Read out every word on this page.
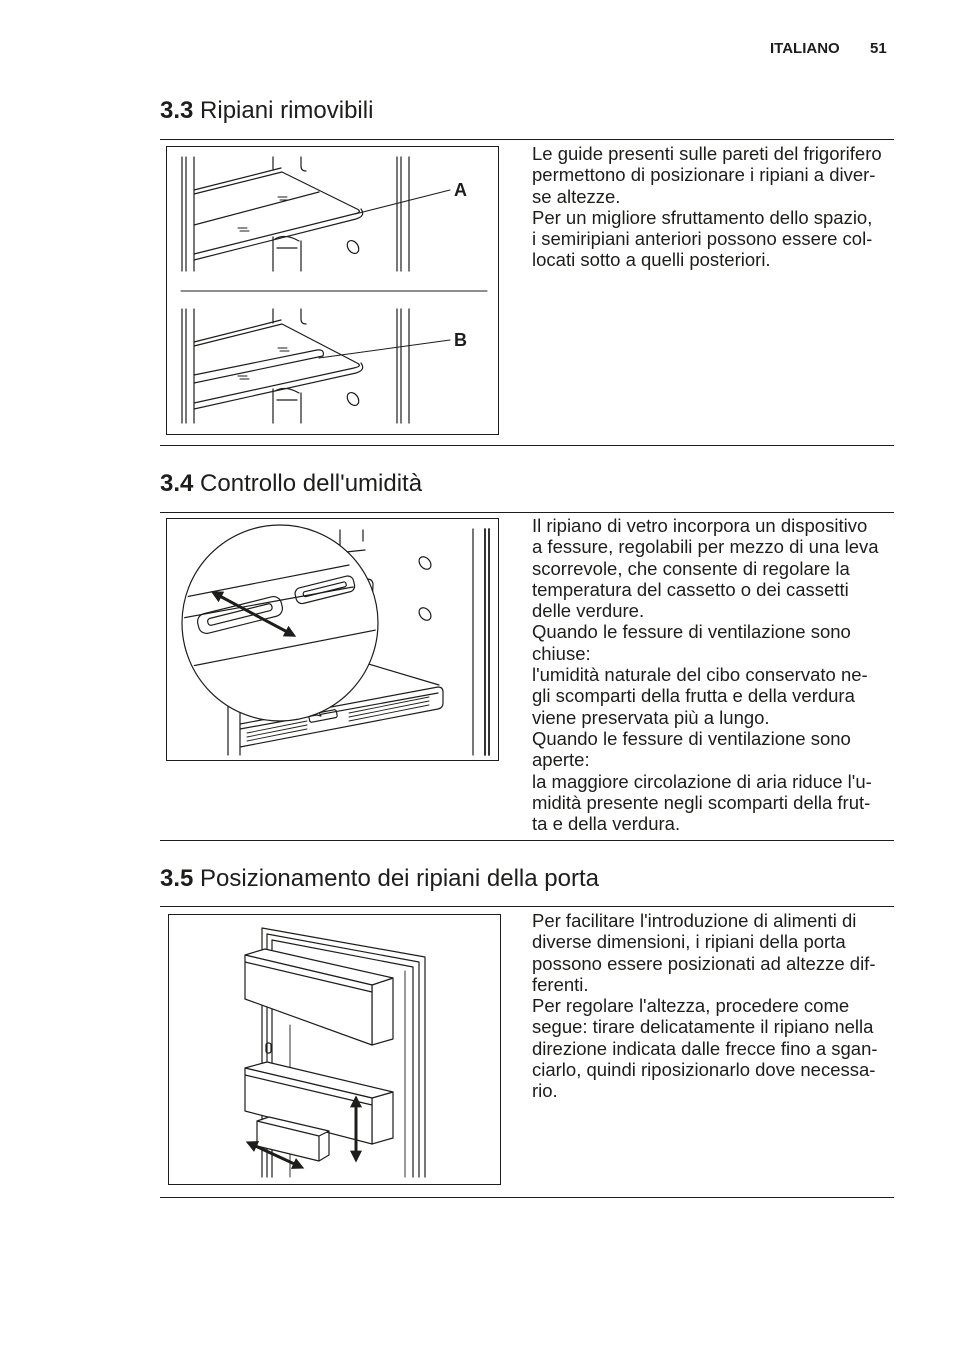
ITALIANO 51
3.3 Ripiani rimovibili
A
B
Le guide presenti sulle pareti del frigorifero
permettono di posizionare i ripiani a diver-
se altezze.
Per un migliore sfruttamento dello spazio,
i semiripiani anteriori possono essere col-
locati sotto a quelli posteriori.
3.4 Controllo dell'umidità
Il ripiano di vetro incorpora un dispositivo
a fessure, regolabili per mezzo di una leva
scorrevole, che consente di regolare la
temperatura del cassetto o dei cassetti
delle verdure.
Quando le fessure di ventilazione sono
chiuse:
l'umidità naturale del cibo conservato ne-
gli scomparti della frutta e della verdura
viene preservata più a lungo.
Quando le fessure di ventilazione sono
aperte:
la maggiore circolazione di aria riduce l'u-
midità presente negli scomparti della frut-
ta e della verdura.
3.5 Posizionamento dei ripiani della porta
Per facilitare l'introduzione di alimenti di
diverse dimensioni, i ripiani della porta
possono essere posizionati ad altezze dif-
ferenti.
Per regolare l'altezza, procedere come
segue: tirare delicatamente il ripiano nella
direzione indicata dalle frecce fino a sgan-
ciarlo, quindi riposizionarlo dove necessa-
rio.
